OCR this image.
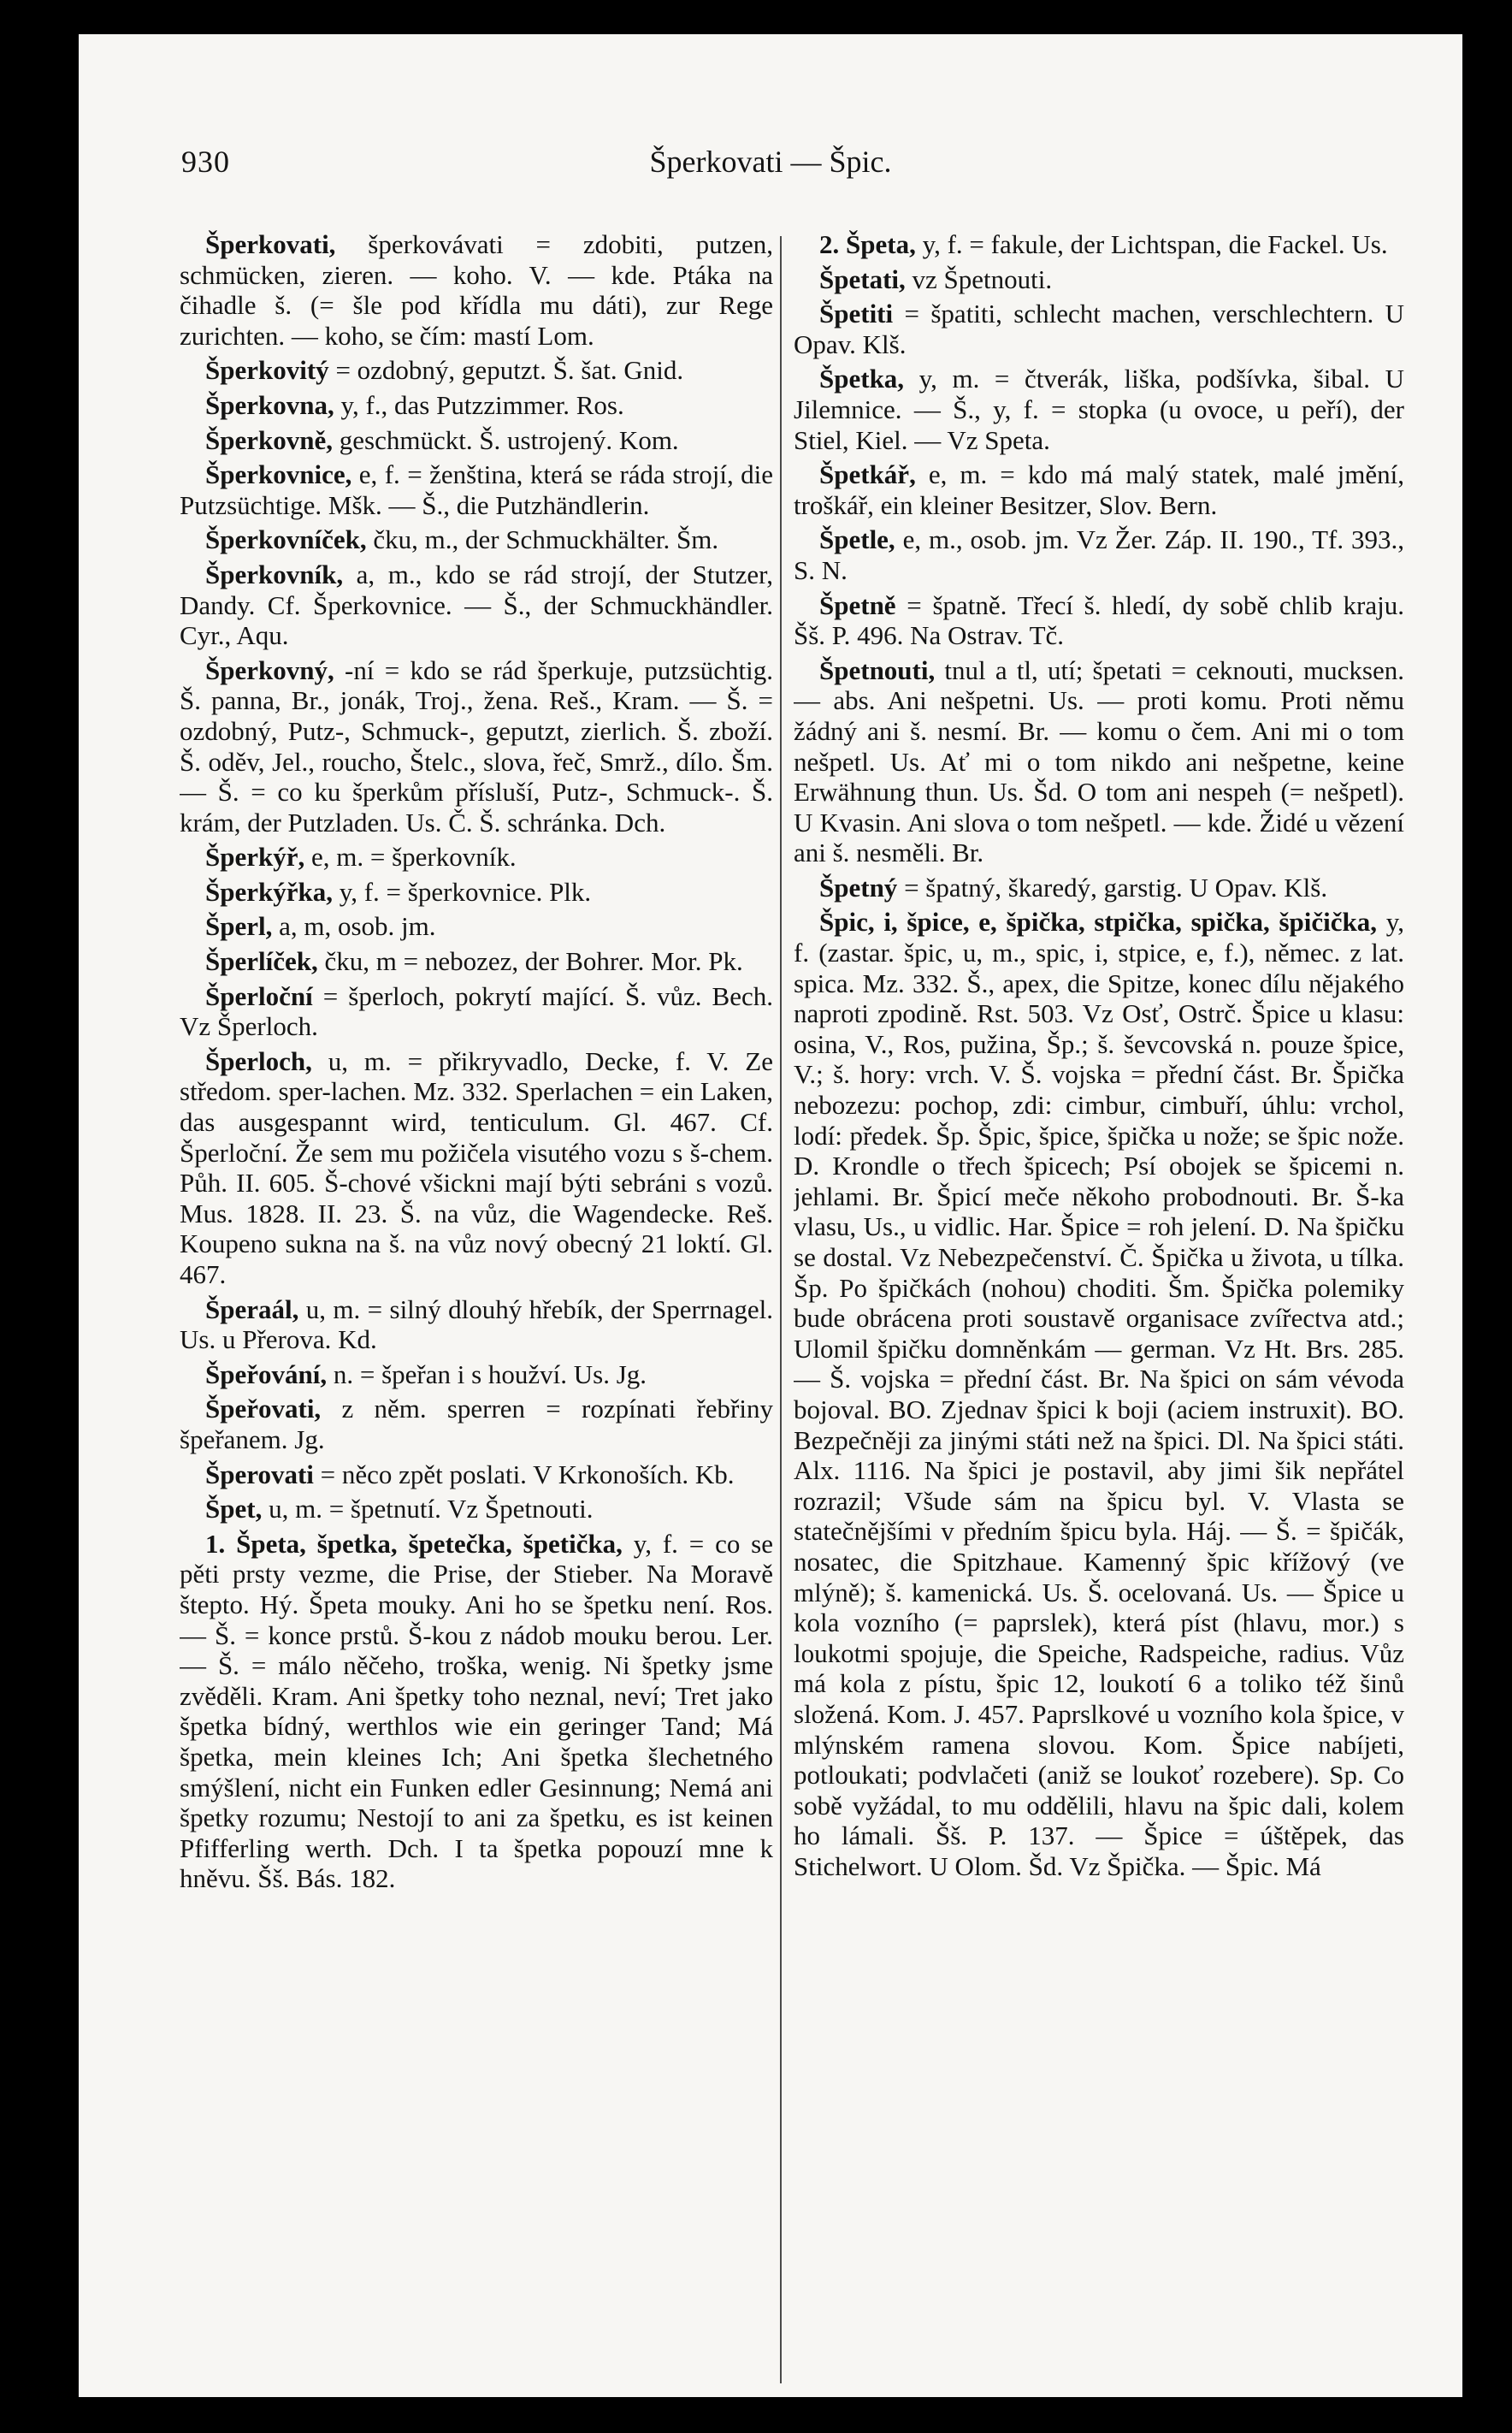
930	Šperkovati — Špic.

Šperkovati, šperkovávati = zdobiti, putzen, schmücken, zieren. — koho. V. — kde. Ptáka na čihadle š. (= šle pod křídla mu dáti), zur Rege zurichten. — koho, se čím: mastí Lom.

Šperkovitý = ozdobný, geputzt. Š. šat. Gnid.

Šperkovna, y, f., das Putzzimmer. Ros.

Šperkovně, geschmückt. Š. ustrojený. Kom.

Šperkovnice, e, f. = ženština, která se ráda strojí, die Putzsüchtige. Mšk. — Š., die Putzhändlerin.

Šperkovníček, čku, m., der Schmuckhälter. Šm.

Šperkovník, a, m., kdo se rád strojí, der Stutzer, Dandy. Cf. Šperkovnice. — Š., der Schmuckhändler. Cyr., Aqu.

Šperkovný, -ní = kdo se rád šperkuje, putzsüchtig. Š. panna, Br., jonák, Troj., žena. Reš., Kram. — Š. = ozdobný, Putz-, Schmuck-, geputzt, zierlich. Š. zboží. Š. oděv, Jel., roucho, Štelc., slova, řeč, Smrž., dílo. Šm. — Š. = co ku šperkům přísluší, Putz-, Schmuck-. Š. krám, der Putzladen. Us. Č. Š. schránka. Dch.

Šperkýř, e, m. = šperkovník.

Šperkýřka, y, f. = šperkovnice. Plk.

Šperl, a, m, osob. jm.

Šperlíček, čku, m = nebozez, der Bohrer. Mor. Pk.

Šperloční = šperloch, pokrytí mající. Š. vůz. Bech. Vz Šperloch.

Šperloch, u, m. = přikryvadlo, Decke, f. V. Ze středom. sper-lachen. Mz. 332. Sperlachen = ein Laken, das ausgespannt wird, tenticulum. Gl. 467. Cf. Šperloční. Že sem mu požičela visutého vozu s š-chem. Půh. II. 605. Š-chové všickni mají býti sebráni s vozů. Mus. 1828. II. 23. Š. na vůz, die Wagendecke. Reš. Koupeno sukna na š. na vůz nový obecný 21 loktí. Gl. 467.

Šperaál, u, m. = silný dlouhý hřebík, der Sperrnagel. Us. u Přerova. Kd.

Špeřování, n. = špeřan i s houžví. Us. Jg.

Špeřovati, z něm. sperren = rozpínati řebřiny špeřanem. Jg.

Šperovati = něco zpět poslati. V Krkonoších. Kb.

Špet, u, m. = špetnutí. Vz Špetnouti.

1. Špeta, špetka, špetečka, špetička, y, f. = co se pěti prsty vezme, die Prise, der Stieber. Na Moravě štepto. Hý. Špeta mouky. Ani ho se špetku není. Ros. — Š. = konce prstů. Š-kou z nádob mouku berou. Ler. — Š. = málo něčeho, troška, wenig. Ni špetky jsme zvěděli. Kram. Ani špetky toho neznal, neví; Tret jako špetka bídný, werthlos wie ein geringer Tand; Má špetka, mein kleines Ich; Ani špetka šlechetného smýšlení, nicht ein Funken edler Gesinnung; Nemá ani špetky rozumu; Nestojí to ani za špetku, es ist keinen Pfifferling werth. Dch. I ta špetka popouzí mne k hněvu. Šš. Bás. 182.

2. Špeta, y, f. = fakule, der Lichtspan, die Fackel. Us.

Špetati, vz Špetnouti.

Špetiti = špatiti, schlecht machen, verschlechtern. U Opav. Klš.

Špetka, y, m. = čtverák, liška, podšívka, šibal. U Jilemnice. — Š., y, f. = stopka (u ovoce, u peří), der Stiel, Kiel. — Vz Speta.

Špetkář, e, m. = kdo má malý statek, malé jmění, troškář, ein kleiner Besitzer, Slov. Bern.

Špetle, e, m., osob. jm. Vz Žer. Záp. II. 190., Tf. 393., S. N.

Špetně = špatně. Třecí š. hledí, dy sobě chlib kraju. Šš. P. 496. Na Ostrav. Tč.

Špetnouti, tnul a tl, utí; špetati = ceknouti, mucksen. — abs. Ani nešpetni. Us. — proti komu. Proti němu žádný ani š. nesmí. Br. — komu o čem. Ani mi o tom nešpetl. Us. Ať mi o tom nikdo ani nešpetne, keine Erwähnung thun. Us. Šd. O tom ani nespeh (= nešpetl). U Kvasin. Ani slova o tom nešpetl. — kde. Židé u vězení ani š. nesměli. Br.

Špetný = špatný, škaredý, garstig. U Opav. Klš.

Špic, i, špice, e, špička, stpička, spička, špičička, y, f. (zastar. špic, u, m., spic, i, stpice, e, f.), němec. z lat. spica. Mz. 332. Š., apex, die Spitze, konec dílu nějakého naproti zpodině. Rst. 503. Vz Osť, Ostrč. Špice u klasu: osina, V., Ros, pužina, Šp.; š. ševcovská n. pouze špice, V.; š. hory: vrch. V. Š. vojska = přední část. Br. Špička nebozezu: pochop, zdi: cimbur, cimbuří, úhlu: vrchol, lodí: předek. Šp. Špic, špice, špička u nože; se špic nože. D. Krondle o třech špicech; Psí obojek se špicemi n. jehlami. Br. Špicí meče někoho probodnouti. Br. Š-ka vlasu, Us., u vidlic. Har. Špice = roh jelení. D. Na špičku se dostal. Vz Nebezpečenství. Č. Špička u života, u tílka. Šp. Po špičkách (nohou) choditi. Šm. Špička polemiky bude obrácena proti soustavě organisace zvířectva atd.; Ulomil špičku domněnkám — german. Vz Ht. Brs. 285. — Š. vojska = přední část. Br. Na špici on sám vévoda bojoval. BO. Zjednav špici k boji (aciem instruxit). BO. Bezpečněji za jinými státi než na špici. Dl. Na špici státi. Alx. 1116. Na špici je postavil, aby jimi šik nepřátel rozrazil; Všude sám na špicu byl. V. Vlasta se statečnějšími v předním špicu byla. Háj. — Š. = špičák, nosatec, die Spitzhaue. Kamenný špic křížový (ve mlýně); š. kamenická. Us. Š. ocelovaná. Us. — Špice u kola vozního (= paprslek), která píst (hlavu, mor.) s loukotmi spojuje, die Speiche, Radspeiche, radius. Vůz má kola z pístu, špic 12, loukotí 6 a toliko též šinů složená. Kom. J. 457. Paprslkové u vozního kola špice, v mlýnském ramena slovou. Kom. Špice nabíjeti, potloukati; podvlačeti (aniž se loukoť rozebere). Sp. Co sobě vyžádal, to mu oddělili, hlavu na špic dali, kolem ho lámali. Šš. P. 137. — Špice = úštěpek, das Stichelwort. U Olom. Šd. Vz Špička. — Špic. Má
